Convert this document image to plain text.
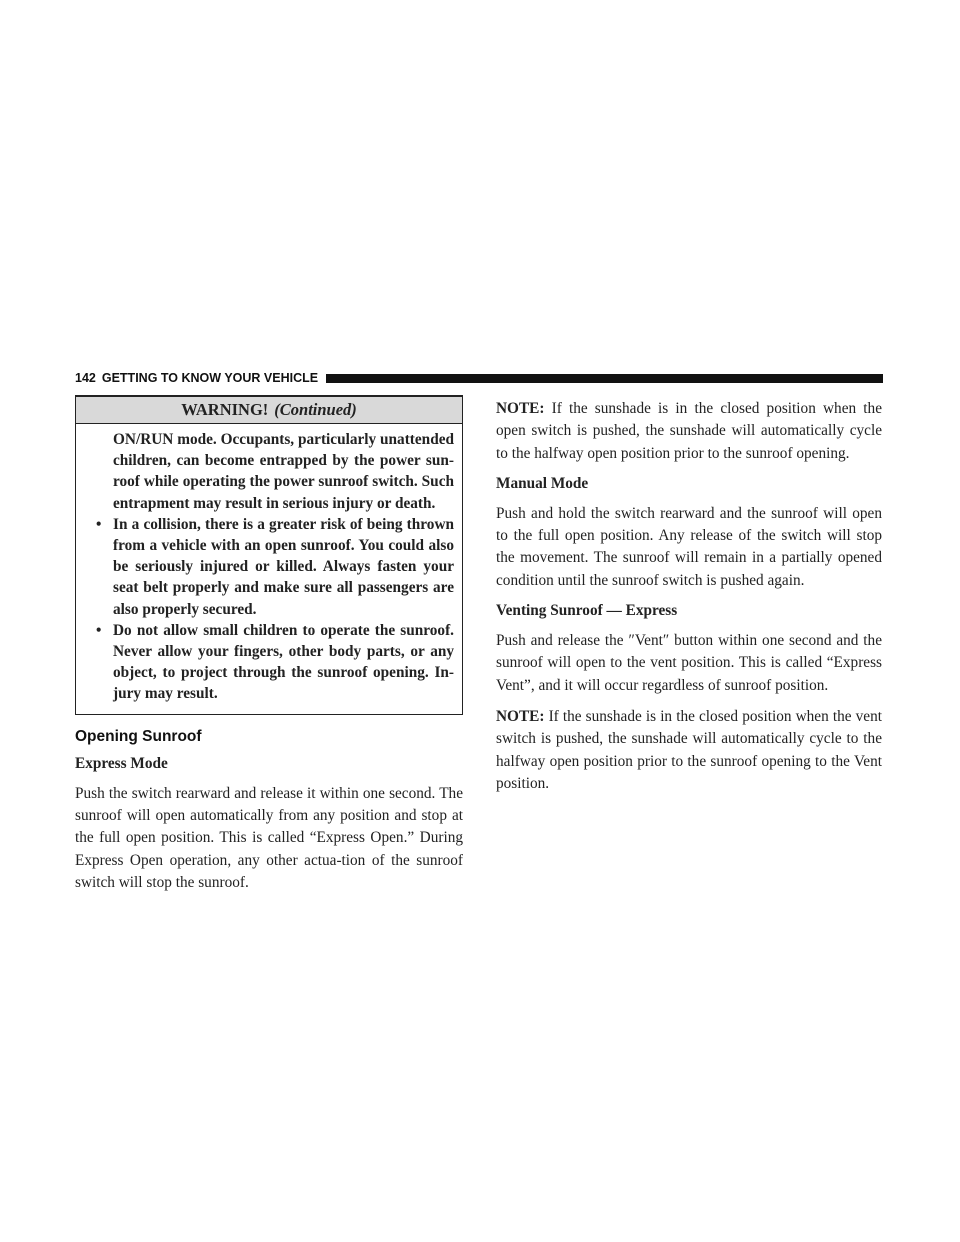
142 GETTING TO KNOW YOUR VEHICLE
WARNING! (Continued)

ON/RUN mode. Occupants, particularly unattended children, can become entrapped by the power sun-roof while operating the power sunroof switch. Such entrapment may result in serious injury or death.

• In a collision, there is a greater risk of being thrown from a vehicle with an open sunroof. You could also be seriously injured or killed. Always fasten your seat belt properly and make sure all passengers are also properly secured.
• Do not allow small children to operate the sunroof. Never allow your fingers, other body parts, or any object, to project through the sunroof opening. In-jury may result.
Opening Sunroof
Express Mode

Push the switch rearward and release it within one second. The sunroof will open automatically from any position and stop at the full open position. This is called “Express Open.” During Express Open operation, any other actua-tion of the sunroof switch will stop the sunroof.

NOTE: If the sunshade is in the closed position when the open switch is pushed, the sunshade will automatically cycle to the halfway open position prior to the sunroof opening.

Manual Mode

Push and hold the switch rearward and the sunroof will open to the full open position. Any release of the switch will stop the movement. The sunroof will remain in a partially opened condition until the sunroof switch is pushed again.

Venting Sunroof — Express

Push and release the ″Vent″ button within one second and the sunroof will open to the vent position. This is called “Express Vent”, and it will occur regardless of sunroof position.

NOTE: If the sunshade is in the closed position when the vent switch is pushed, the sunshade will automatically cycle to the halfway open position prior to the sunroof opening to the Vent position.
